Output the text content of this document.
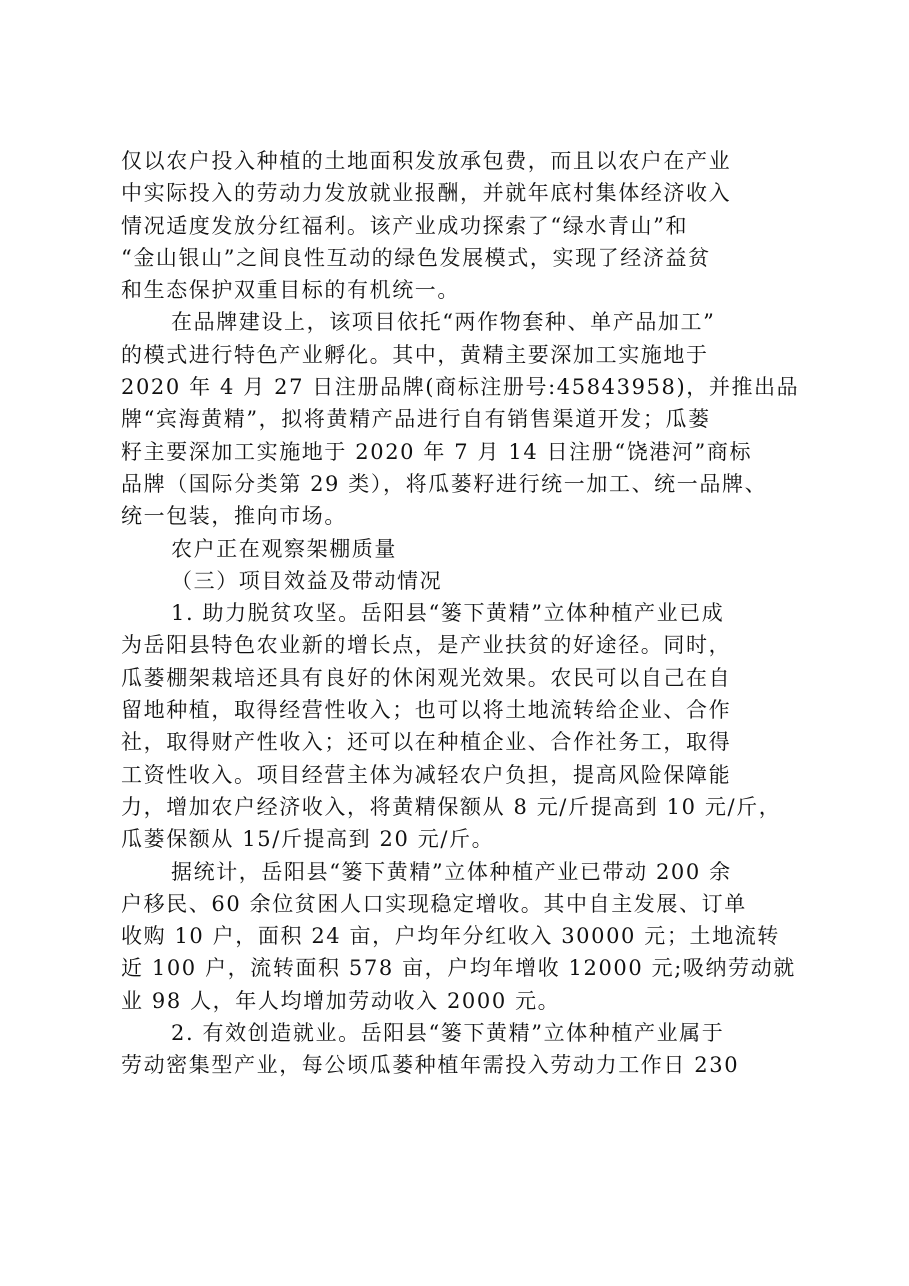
仅以农户投入种植的土地面积发放承包费，而且以农户在产业
中实际投入的劳动力发放就业报酬，并就年底村集体经济收入
情况适度发放分红福利。该产业成功探索了“绿水青山”和
“金山银山”之间良性互动的绿色发展模式，实现了经济益贫
和生态保护双重目标的有机统一。
在品牌建设上，该项目依托“两作物套种、单产品加工”
的模式进行特色产业孵化。其中，黄精主要深加工实施地于
2020 年 4 月 27 日注册品牌(商标注册号:45843958)，并推出品
牌“宾海黄精”，拟将黄精产品进行自有销售渠道开发；瓜蒌
籽主要深加工实施地于 2020 年 7 月 14 日注册“饶港河”商标
品牌（国际分类第 29 类），将瓜蒌籽进行统一加工、统一品牌、
统一包装，推向市场。
农户正在观察架棚质量
（三）项目效益及带动情况
1. 助力脱贫攻坚。岳阳县“篓下黄精”立体种植产业已成
为岳阳县特色农业新的增长点，是产业扶贫的好途径。同时，
瓜蒌棚架栽培还具有良好的休闲观光效果。农民可以自己在自
留地种植，取得经营性收入；也可以将土地流转给企业、合作
社，取得财产性收入；还可以在种植企业、合作社务工，取得
工资性收入。项目经营主体为减轻农户负担，提高风险保障能
力，增加农户经济收入，将黄精保额从 8 元/斤提高到 10 元/斤，
瓜蒌保额从 15/斤提高到 20 元/斤。
据统计，岳阳县“篓下黄精”立体种植产业已带动 200 余
户移民、60 余位贫困人口实现稳定增收。其中自主发展、订单
收购 10 户，面积 24 亩，户均年分红收入 30000 元；土地流转
近 100 户，流转面积 578 亩，户均年增收 12000 元;吸纳劳动就
业 98 人，年人均增加劳动收入 2000 元。
2. 有效创造就业。岳阳县“篓下黄精”立体种植产业属于
劳动密集型产业，每公顷瓜蒌种植年需投入劳动力工作日 230
